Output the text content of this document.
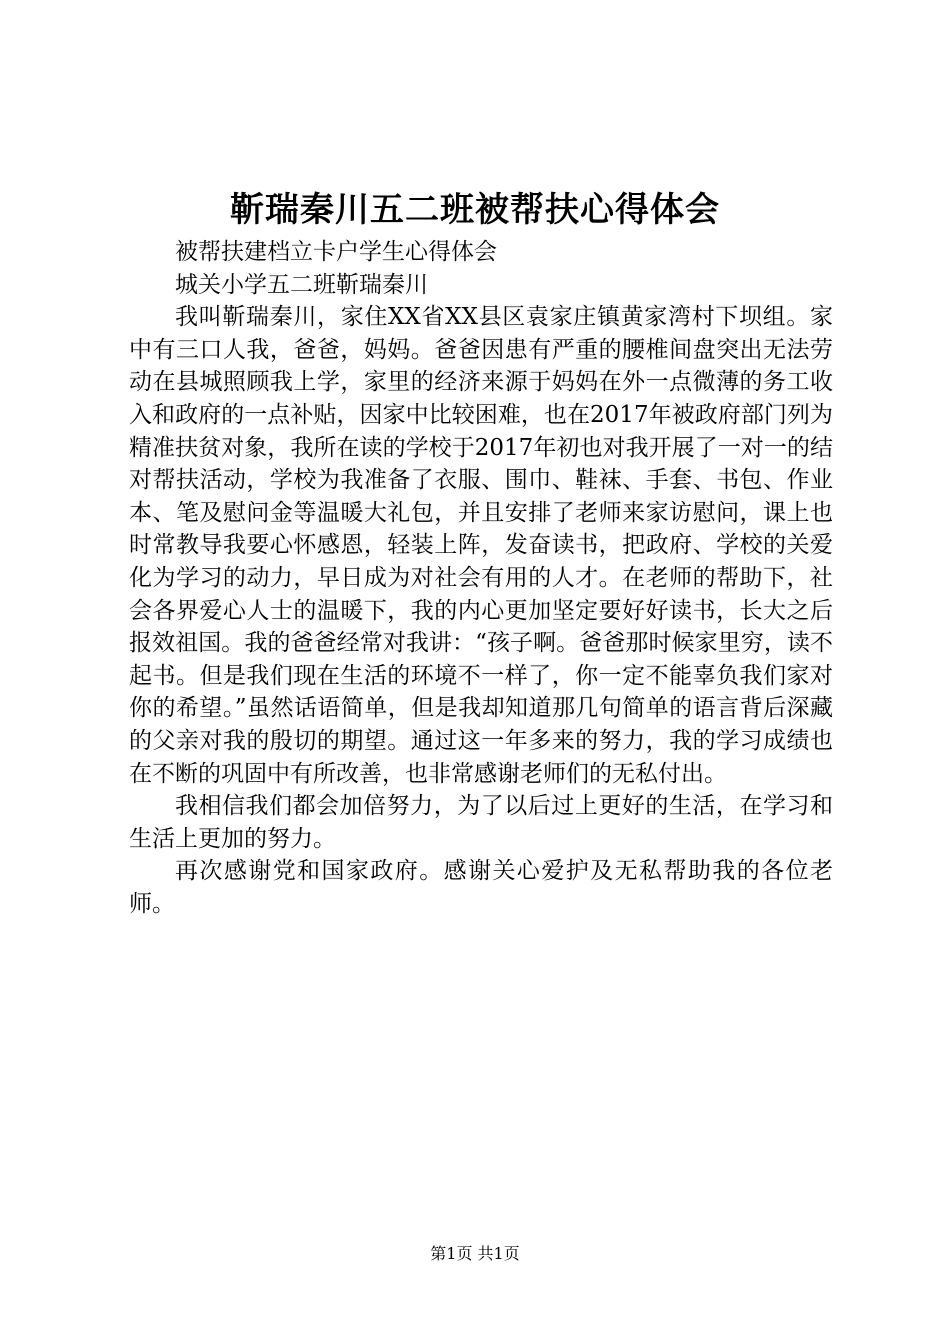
靳瑞秦川五二班被帮扶心得体会

被帮扶建档立卡户学生心得体会

城关小学五二班靳瑞秦川

我叫靳瑞秦川，家住XX省XX县区袁家庄镇黄家湾村下坝组。家中有三口人我，爸爸，妈妈。爸爸因患有严重的腰椎间盘突出无法劳动在县城照顾我上学，家里的经济来源于妈妈在外一点微薄的务工收入和政府的一点补贴，因家中比较困难，也在2017年被政府部门列为精准扶贫对象，我所在读的学校于2017年初也对我开展了一对一的结对帮扶活动，学校为我准备了衣服、围巾、鞋袜、手套、书包、作业本、笔及慰问金等温暖大礼包，并且安排了老师来家访慰问，课上也时常教导我要心怀感恩，轻装上阵，发奋读书，把政府、学校的关爱化为学习的动力，早日成为对社会有用的人才。在老师的帮助下，社会各界爱心人士的温暖下，我的内心更加坚定要好好读书，长大之后报效祖国。我的爸爸经常对我讲：“孩子啊。爸爸那时候家里穷，读不起书。但是我们现在生活的环境不一样了，你一定不能辜负我们家对你的希望。”虽然话语简单，但是我却知道那几句简单的语言背后深藏的父亲对我的殷切的期望。通过这一年多来的努力，我的学习成绩也在不断的巩固中有所改善，也非常感谢老师们的无私付出。

我相信我们都会加倍努力，为了以后过上更好的生活，在学习和生活上更加的努力。

再次感谢党和国家政府。感谢关心爱护及无私帮助我的各位老师。

第1页 共1页
